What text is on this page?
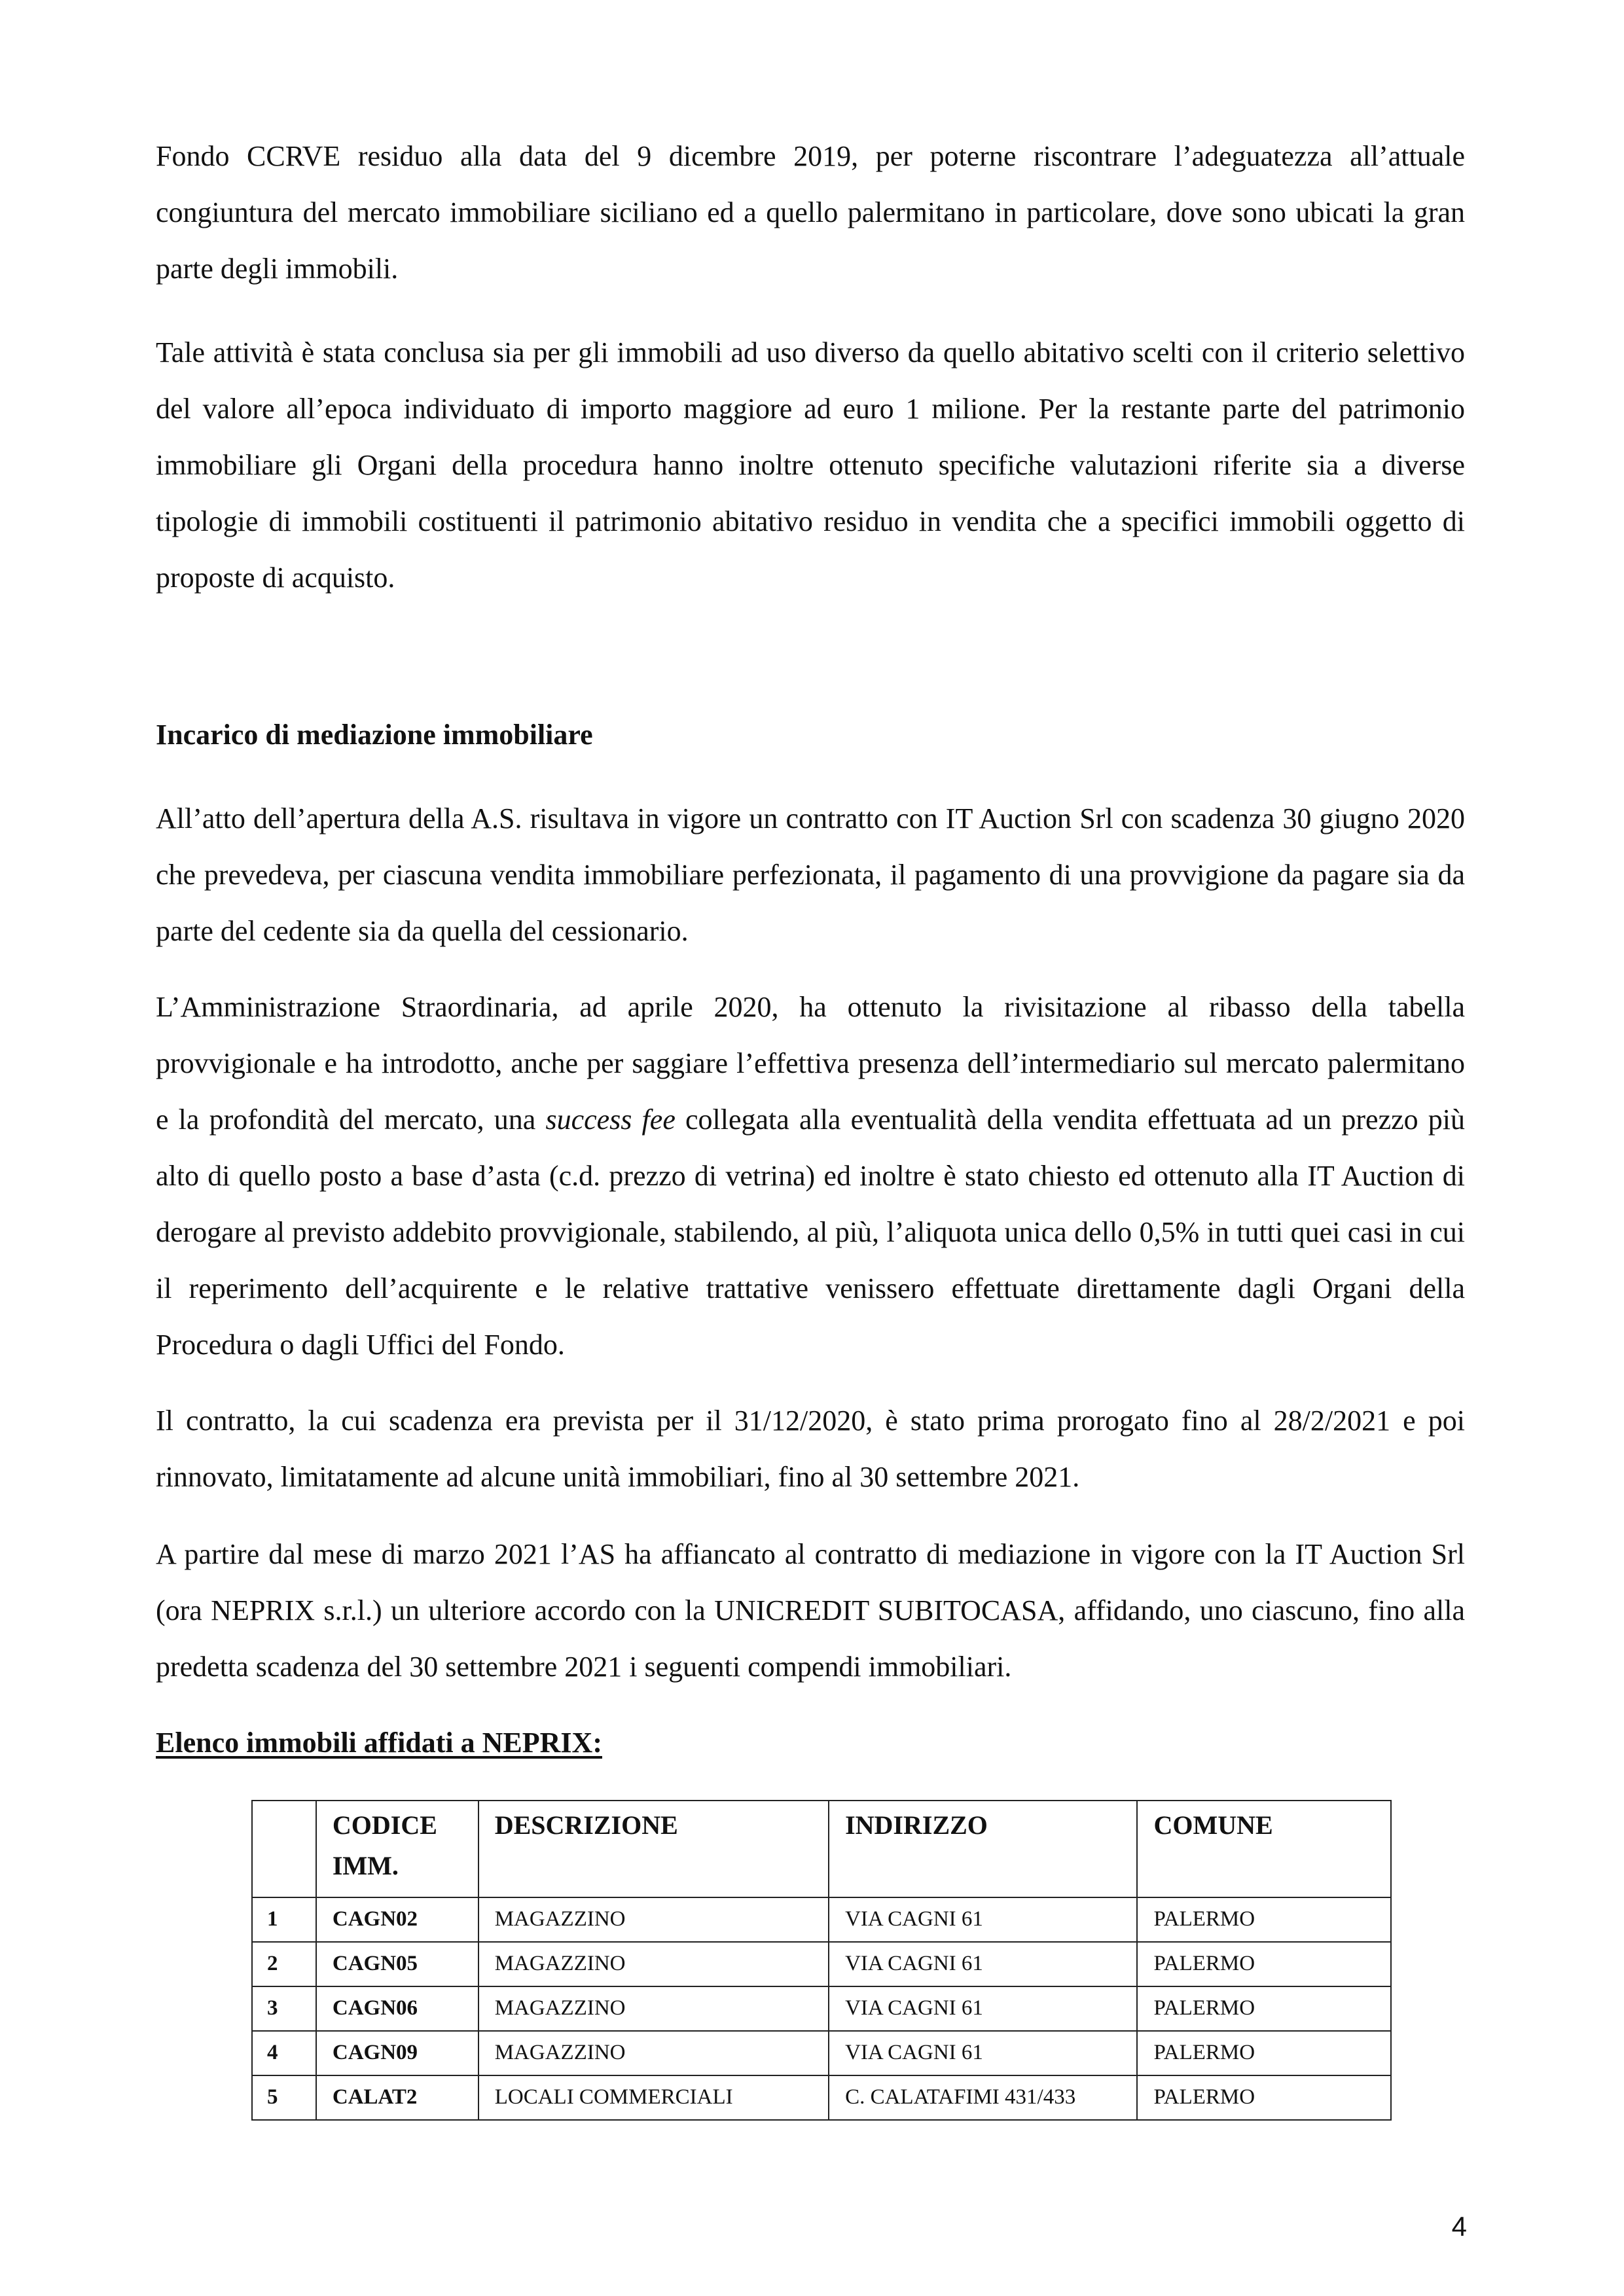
Fondo CCRVE residuo alla data del 9 dicembre 2019, per poterne riscontrare l’adeguatezza all’attuale congiuntura del mercato immobiliare siciliano ed a quello palermitano in particolare, dove sono ubicati la gran parte degli immobili.

Tale attività è stata conclusa sia per gli immobili ad uso diverso da quello abitativo scelti con il criterio selettivo del valore all’epoca individuato di importo maggiore ad euro 1 milione. Per la restante parte del patrimonio immobiliare gli Organi della procedura hanno inoltre ottenuto specifiche valutazioni riferite sia a diverse tipologie di immobili costituenti il patrimonio abitativo residuo in vendita che a specifici immobili oggetto di proposte di acquisto.

Incarico di mediazione immobiliare

All’atto dell’apertura della A.S. risultava in vigore un contratto con IT Auction Srl con scadenza 30 giugno 2020 che prevedeva, per ciascuna vendita immobiliare perfezionata, il pagamento di una provvigione da pagare sia da parte del cedente sia da quella del cessionario.

L’Amministrazione Straordinaria, ad aprile 2020, ha ottenuto la rivisitazione al ribasso della tabella provvigionale e ha introdotto, anche per saggiare l’effettiva presenza dell’intermediario sul mercato palermitano e la profondità del mercato, una success fee collegata alla eventualità della vendita effettuata ad un prezzo più alto di quello posto a base d’asta (c.d. prezzo di vetrina) ed inoltre è stato chiesto ed ottenuto alla IT Auction di derogare al previsto addebito provvigionale, stabilendo, al più, l’aliquota unica dello 0,5% in tutti quei casi in cui il reperimento dell’acquirente e le relative trattative venissero effettuate direttamente dagli Organi della Procedura o dagli Uffici del Fondo.

Il contratto, la cui scadenza era prevista per il 31/12/2020, è stato prima prorogato fino al 28/2/2021 e poi rinnovato, limitatamente ad alcune unità immobiliari, fino al 30 settembre 2021.

A partire dal mese di marzo 2021 l’AS ha affiancato al contratto di mediazione in vigore con la IT Auction Srl (ora NEPRIX s.r.l.) un ulteriore accordo con la UNICREDIT SUBITOCASA, affidando, uno ciascuno, fino alla predetta scadenza del 30 settembre 2021 i seguenti compendi immobiliari.

Elenco immobili affidati a NEPRIX:

	CODICE IMM.	DESCRIZIONE	INDIRIZZO	COMUNE
1	CAGN02	MAGAZZINO	VIA CAGNI 61	PALERMO
2	CAGN05	MAGAZZINO	VIA CAGNI 61	PALERMO
3	CAGN06	MAGAZZINO	VIA CAGNI 61	PALERMO
4	CAGN09	MAGAZZINO	VIA CAGNI 61	PALERMO
5	CALAT2	LOCALI COMMERCIALI	C. CALATAFIMI 431/433	PALERMO
4
